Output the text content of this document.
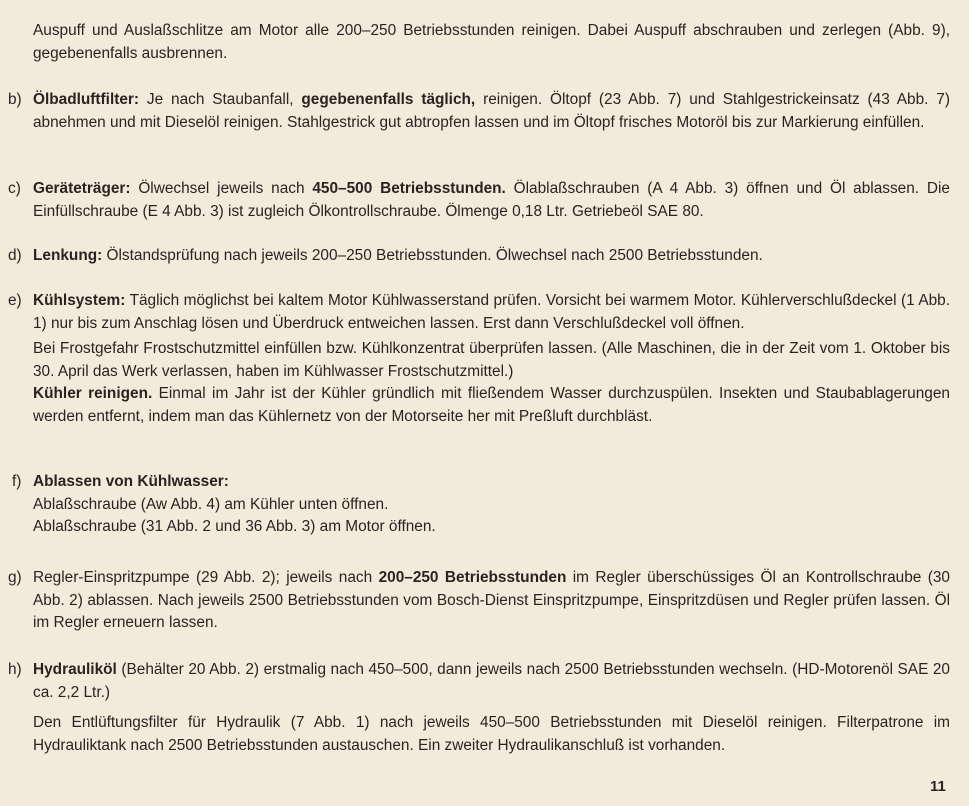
Auspuff und Auslaßschlitze am Motor alle 200–250 Betriebsstunden reinigen. Dabei Auspuff abschrauben und zerlegen (Abb. 9), gegebenenfalls ausbrennen.

b) Ölbadluftfilter: Je nach Staubanfall, gegebenenfalls täglich, reinigen. Öltopf (23 Abb. 7) und Stahlgestrickeinsatz (43 Abb. 7) abnehmen und mit Dieselöl reinigen. Stahlgestrick gut abtropfen lassen und im Öltopf frisches Motoröl bis zur Markierung einfüllen.

c) Geräteträger: Ölwechsel jeweils nach 450–500 Betriebsstunden. Ölablaßschrauben (A 4 Abb. 3) öffnen und Öl ablassen. Die Einfüllschraube (E 4 Abb. 3) ist zugleich Ölkontrollschraube. Ölmenge 0,18 Ltr. Getriebeöl SAE 80.

d) Lenkung: Ölstandsprüfung nach jeweils 200–250 Betriebsstunden. Ölwechsel nach 2500 Betriebsstunden.

e) Kühlsystem: Täglich möglichst bei kaltem Motor Kühlwasserstand prüfen. Vorsicht bei warmem Motor. Kühlerverschlußdeckel (1 Abb. 1) nur bis zum Anschlag lösen und Überdruck entweichen lassen. Erst dann Verschlußdeckel voll öffnen.

Bei Frostgefahr Frostschutzmittel einfüllen bzw. Kühlkonzentrat überprüfen lassen. (Alle Maschinen, die in der Zeit vom 1. Oktober bis 30. April das Werk verlassen, haben im Kühlwasser Frostschutzmittel.)

Kühler reinigen. Einmal im Jahr ist der Kühler gründlich mit fließendem Wasser durchzuspülen. Insekten und Staubablagerungen werden entfernt, indem man das Kühlernetz von der Motorseite her mit Preßluft durchbläst.

f) Ablassen von Kühlwasser:

Ablaßschraube (Aw Abb. 4) am Kühler unten öffnen.

Ablaßschraube (31 Abb. 2 und 36 Abb. 3) am Motor öffnen.

g) Regler-Einspritzpumpe (29 Abb. 2); jeweils nach 200–250 Betriebsstunden im Regler überschüssiges Öl an Kontrollschraube (30 Abb. 2) ablassen. Nach jeweils 2500 Betriebsstunden vom Bosch-Dienst Einspritzpumpe, Einspritzdüsen und Regler prüfen lassen. Öl im Regler erneuern lassen.

h) Hydrauliköl (Behälter 20 Abb. 2) erstmalig nach 450–500, dann jeweils nach 2500 Betriebsstunden wechseln. (HD-Motorenöl SAE 20 ca. 2,2 Ltr.)

Den Entlüftungsfilter für Hydraulik (7 Abb. 1) nach jeweils 450–500 Betriebsstunden mit Dieselöl reinigen. Filterpatrone im Hydrauliktank nach 2500 Betriebsstunden austauschen. Ein zweiter Hydraulikanschluß ist vorhanden.

11
